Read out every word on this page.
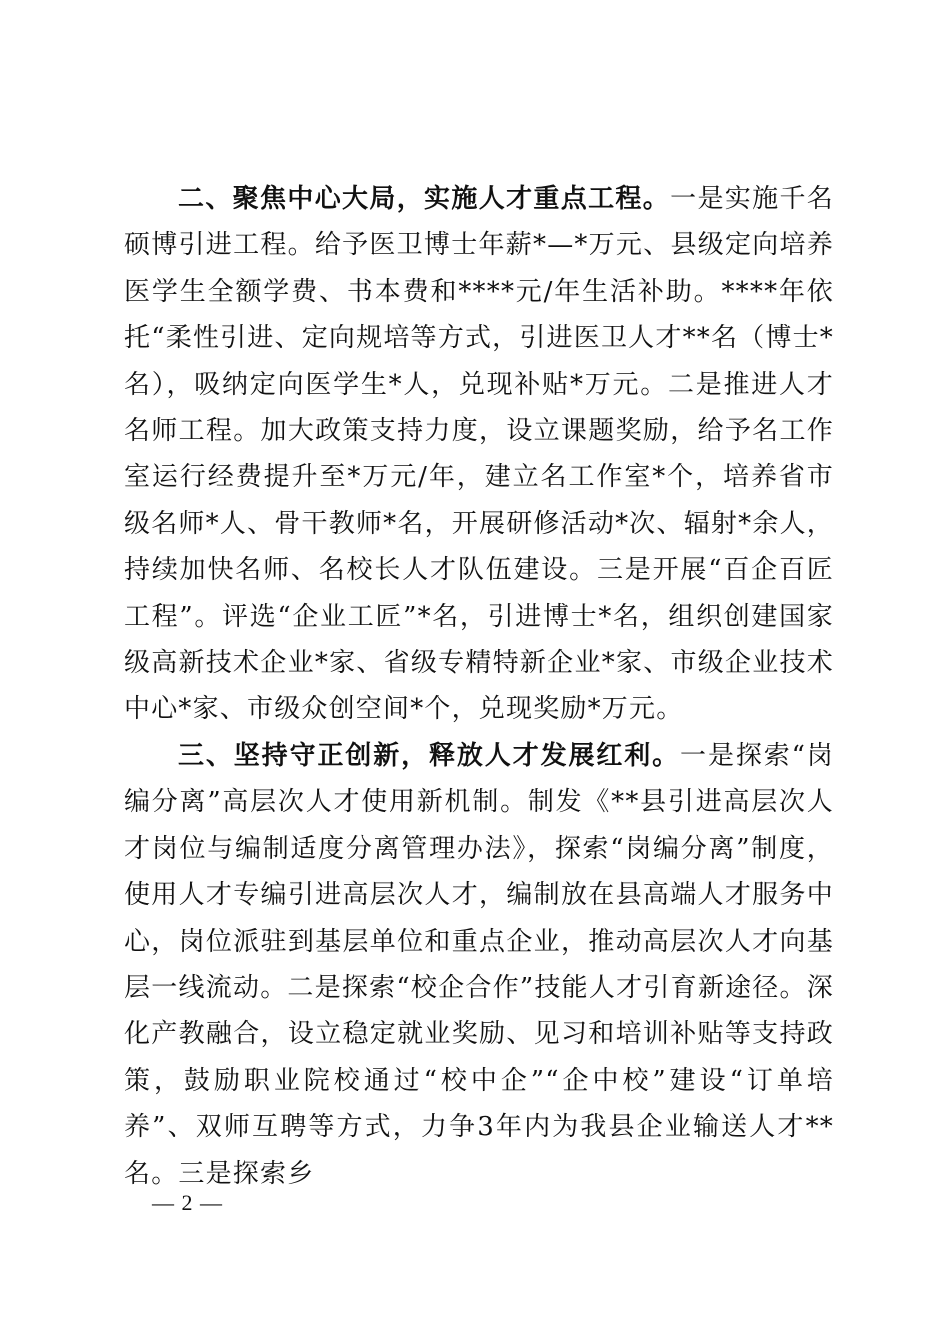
二、聚焦中心大局，实施人才重点工程。一是实施千名硕博引进工程。给予医卫博士年薪*—*万元、县级定向培养医学生全额学费、书本费和****元/年生活补助。****年依托“柔性引进、定向规培等方式，引进医卫人才**名（博士*名），吸纳定向医学生*人，兑现补贴*万元。二是推进人才名师工程。加大政策支持力度，设立课题奖励，给予名工作室运行经费提升至*万元/年，建立名工作室*个，培养省市级名师*人、骨干教师*名，开展研修活动*次、辐射*余人，持续加快名师、名校长人才队伍建设。三是开展“百企百匠工程”。评选“企业工匠”*名，引进博士*名，组织创建国家级高新技术企业*家、省级专精特新企业*家、市级企业技术中心*家、市级众创空间*个，兑现奖励*万元。

三、坚持守正创新，释放人才发展红利。一是探索“岗编分离”高层次人才使用新机制。制发《**县引进高层次人才岗位与编制适度分离管理办法》，探索“岗编分离”制度，使用人才专编引进高层次人才，编制放在县高端人才服务中心，岗位派驻到基层单位和重点企业，推动高层次人才向基层一线流动。二是探索“校企合作”技能人才引育新途径。深化产教融合，设立稳定就业奖励、见习和培训补贴等支持政策，鼓励职业院校通过“校中企”“企中校”建设“订单培养”、双师互聘等方式，力争3年内为我县企业输送人才**名。三是探索乡

— 2 —
